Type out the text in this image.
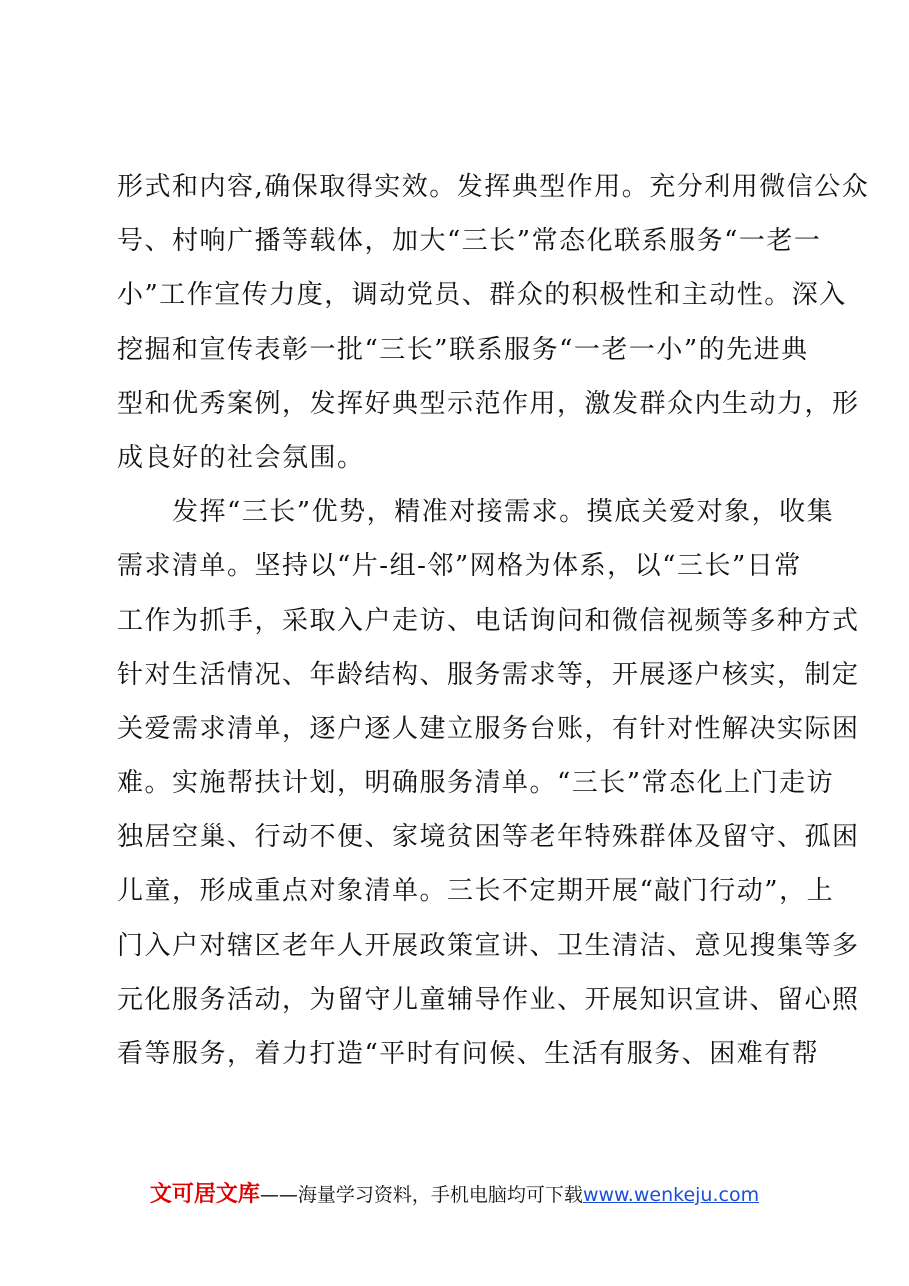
形式和内容,确保取得实效。发挥典型作用。充分利用微信公众
号、村响广播等载体，加大“三长”常态化联系服务“一老一
小”工作宣传力度，调动党员、群众的积极性和主动性。深入
挖掘和宣传表彰一批“三长”联系服务“一老一小”的先进典
型和优秀案例，发挥好典型示范作用，激发群众内生动力，形
成良好的社会氛围。
　　发挥“三长”优势，精准对接需求。摸底关爱对象，收集
需求清单。坚持以“片-组-邻”网格为体系，以“三长”日常
工作为抓手，采取入户走访、电话询问和微信视频等多种方式
针对生活情况、年龄结构、服务需求等，开展逐户核实，制定
关爱需求清单，逐户逐人建立服务台账，有针对性解决实际困
难。实施帮扶计划，明确服务清单。“三长”常态化上门走访
独居空巢、行动不便、家境贫困等老年特殊群体及留守、孤困
儿童，形成重点对象清单。三长不定期开展“敲门行动”，上
门入户对辖区老年人开展政策宣讲、卫生清洁、意见搜集等多
元化服务活动，为留守儿童辅导作业、开展知识宣讲、留心照
看等服务，着力打造“平时有问候、生活有服务、困难有帮
文可居文库——海量学习资料，手机电脑均可下载www.wenkeju.com
